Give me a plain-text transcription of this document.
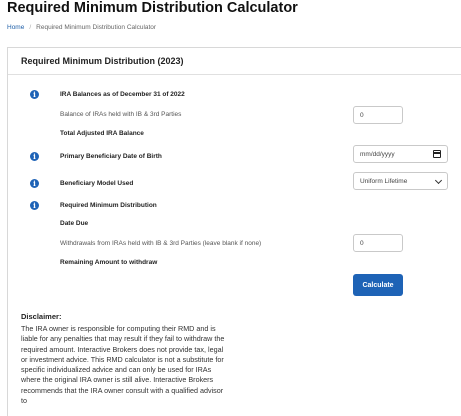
Required Minimum Distribution Calculator
Home / Required Minimum Distribution Calculator
Required Minimum Distribution (2023)
i	IRA Balances as of December 31 of 2022
Balance of IRAs held with IB & 3rd Parties	0
Total Adjusted IRA Balance
i	Primary Beneficiary Date of Birth	mm/dd/yyyy
i	Beneficiary Model Used	Uniform Lifetime
i	Required Minimum Distribution
Date Due
Withdrawals from IRAs held with IB & 3rd Parties (leave blank if none)	0
Remaining Amount to withdraw
Calculate
Disclaimer:
The IRA owner is responsible for computing their RMD and is liable for any penalties that may result if they fail to withdraw the required amount. Interactive Brokers does not provide tax, legal or investment advice. This RMD calculator is not a substitute for specific individualized advice and can only be used for IRAs where the original IRA owner is still alive. Interactive Brokers recommends that the IRA owner consult with a qualified advisor to
